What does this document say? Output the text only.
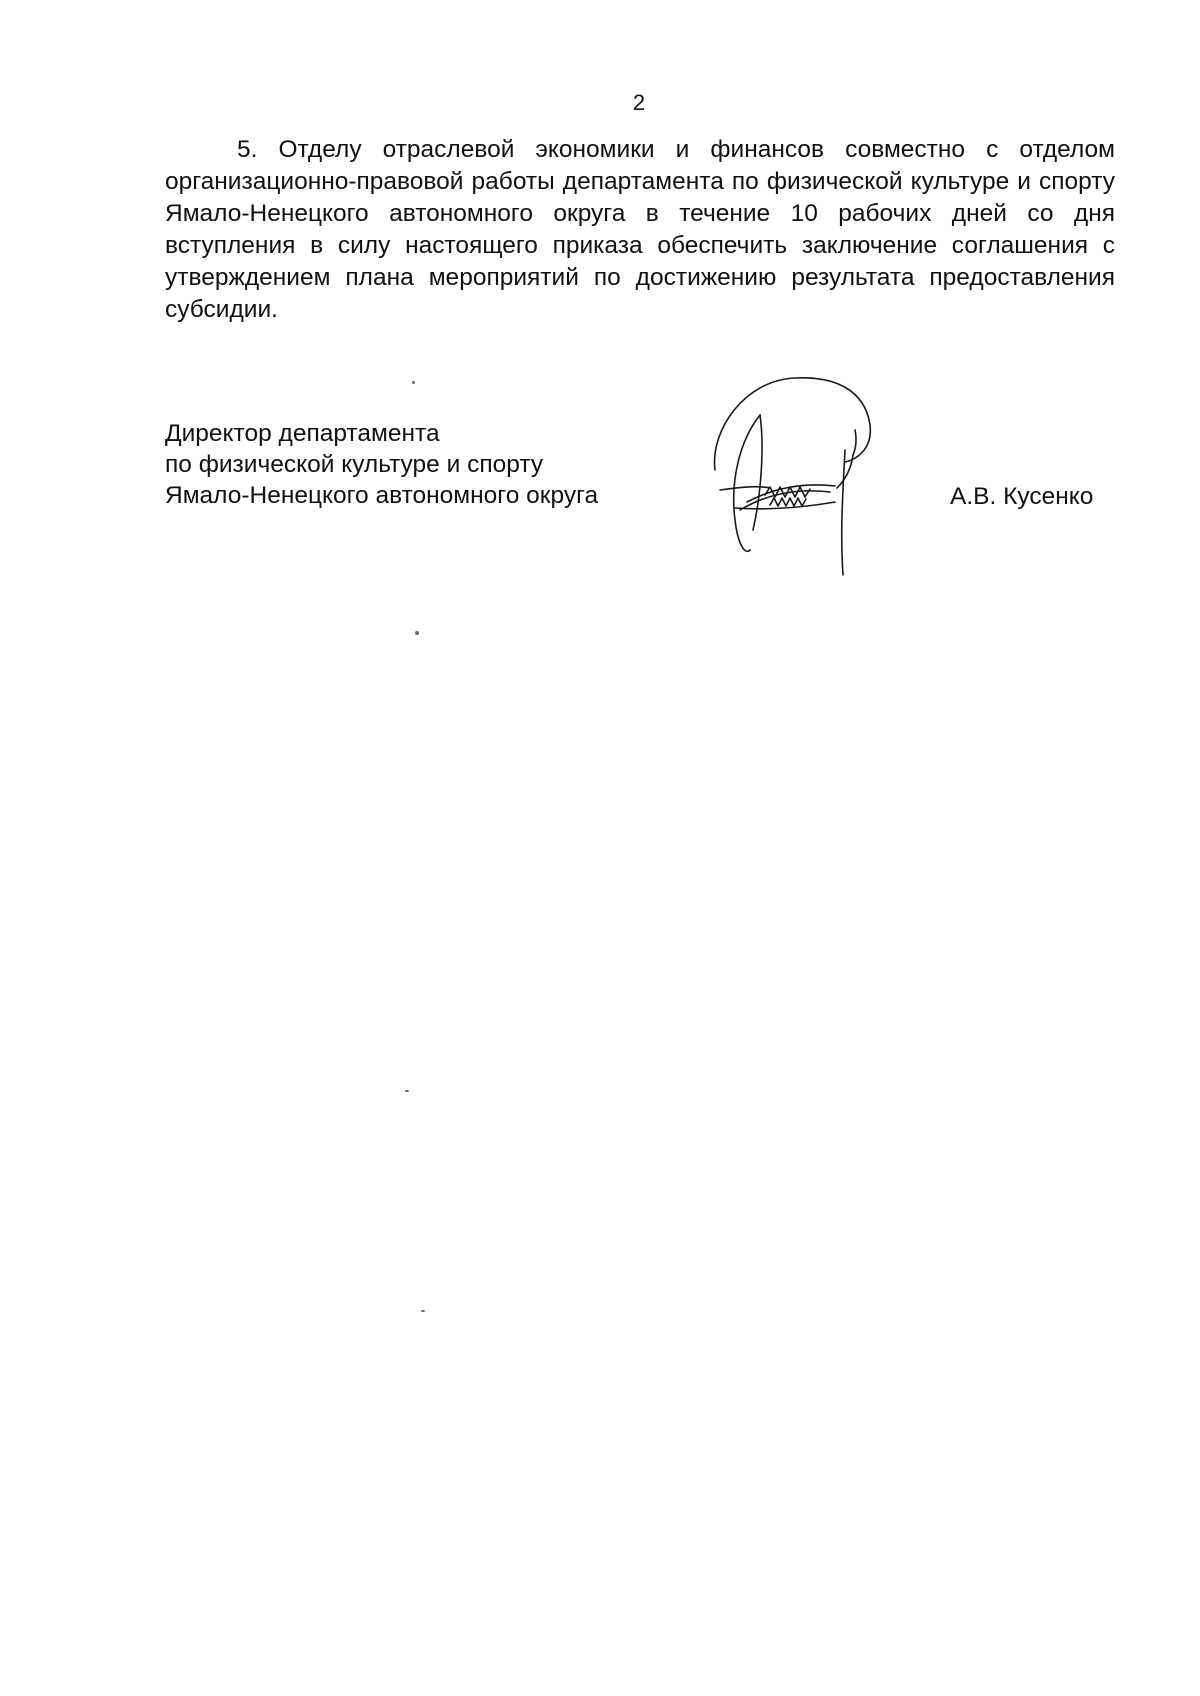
2

5. Отделу отраслевой экономики и финансов совместно с отделом организационно-правовой работы департамента по физической культуре и спорту Ямало-Ненецкого автономного округа в течение 10 рабочих дней со дня вступления в силу настоящего приказа обеспечить заключение соглашения с утверждением плана мероприятий по достижению результата предоставления субсидии.

Директор департамента
по физической культуре и спорту
Ямало-Ненецкого автономного округа	А.В. Кусенко
